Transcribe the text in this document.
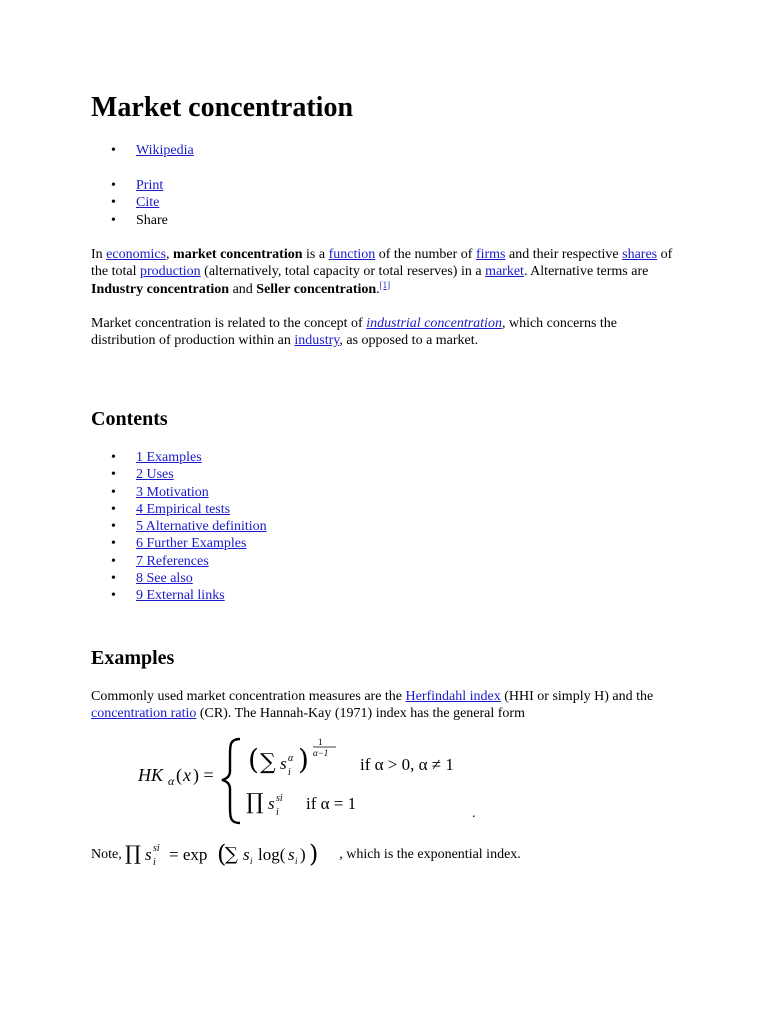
Market concentration
• Wikipedia
• Print
• Cite
• Share

In economics, market concentration is a function of the number of firms and their respective shares of the total production (alternatively, total capacity or total reserves) in a market. Alternative terms are Industry concentration and Seller concentration.[1]

Market concentration is related to the concept of industrial concentration, which concerns the distribution of production within an industry, as opposed to a market.

Contents
• 1 Examples
• 2 Uses
• 3 Motivation
• 4 Empirical tests
• 5 Alternative definition
• 6 Further Examples
• 7 References
• 8 See also
• 9 External links
Examples

Commonly used market concentration measures are the Herfindahl index (HHI or simply H) and the concentration ratio (CR). The Hannah-Kay (1971) index has the general form

HK α ( x ) = ( ∑ s α
i )
1
α−1
if α > 0, α ≠ 1
∏ s si
i if α = 1
.
Note, ∏ s si
i = exp (
∑ s i log( s i ) ) , which is the exponential index.
